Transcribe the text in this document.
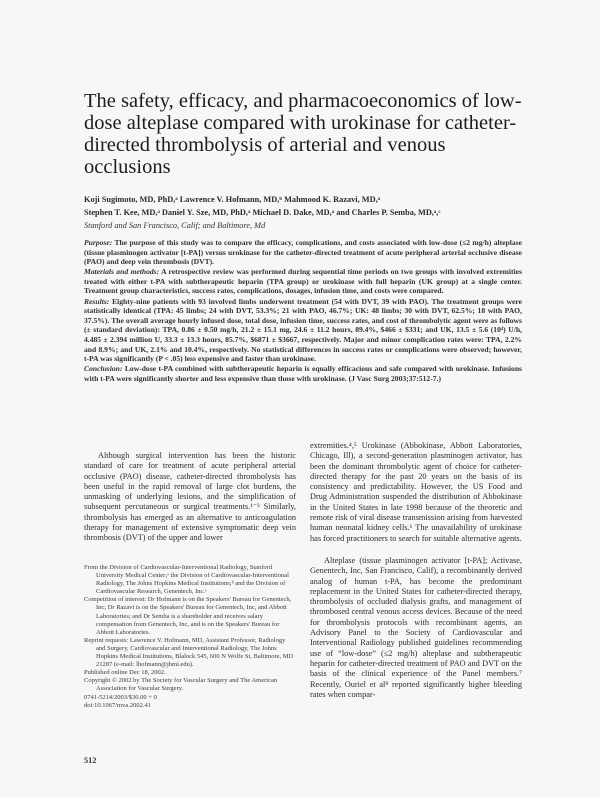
The safety, efficacy, and pharmacoeconomics of low-dose alteplase compared with urokinase for catheter-directed thrombolysis of arterial and venous occlusions
Koji Sugimoto, MD, PhD,ᵃ Lawrence V. Hofmann, MD,ᵇ Mahmood K. Razavi, MD,ᵃ
Stephen T. Kee, MD,ᵃ Daniel Y. Sze, MD, PhD,ᵃ Michael D. Dake, MD,ᵃ and Charles P. Semba, MD,ᵃ,ᶜ
Stanford and San Francisco, Calif; and Baltimore, Md

Purpose: The purpose of this study was to compare the efficacy, complications, and costs associated with low-dose (≤2 mg/h) alteplase (tissue plasminogen activator [t-PA]) versus urokinase for the catheter-directed treatment of acute peripheral arterial occlusive disease (PAO) and deep vein thrombosis (DVT).

Materials and methods: A retrospective review was performed during sequential time periods on two groups with involved extremities treated with either t-PA with subtherapeutic heparin (TPA group) or urokinase with full heparin (UK group) at a single center. Treatment group characteristics, success rates, complications, dosages, infusion time, and costs were compared.

Results: Eighty-nine patients with 93 involved limbs underwent treatment (54 with DVT, 39 with PAO). The treatment groups were statistically identical (TPA: 45 limbs; 24 with DVT, 53.3%; 21 with PAO, 46.7%; UK: 48 limbs; 30 with DVT, 62.5%; 18 with PAO, 37.5%). The overall average hourly infused dose, total dose, infusion time, success rates, and cost of thrombolytic agent were as follows (± standard deviation): TPA, 0.86 ± 0.50 mg/h, 21.2 ± 15.1 mg, 24.6 ± 11.2 hours, 89.4%, $466 ± $331; and UK, 13.5 ± 5.6 (10⁴) U/h, 4.485 ± 2.394 million U, 33.3 ± 13.3 hours, 85.7%, $6871 ± $3667, respectively. Major and minor complication rates were: TPA, 2.2% and 8.9%; and UK, 2.1% and 10.4%, respectively. No statistical differences in success rates or complications were observed; however, t-PA was significantly (P < .05) less expensive and faster than urokinase.

Conclusion: Low-dose t-PA combined with subtherapeutic heparin is equally efficacious and safe compared with urokinase. Infusions with t-PA were significantly shorter and less expensive than those with urokinase. (J Vasc Surg 2003;37:512-7.)

Although surgical intervention has been the historic standard of care for treatment of acute peripheral arterial occlusive (PAO) disease, catheter-directed thrombolysis has been useful in the rapid removal of large clot burdens, the unmasking of underlying lesions, and the simplification of subsequent percutaneous or surgical treatments.¹⁻³ Similarly, thrombolysis has emerged as an alternative to anticoagulation therapy for management of extensive symptomatic deep vein thrombosis (DVT) of the upper and lower

extremities.⁴,⁵ Urokinase (Abbokinase, Abbott Laboratories, Chicago, Ill), a second-generation plasminogen activator, has been the dominant thrombolytic agent of choice for catheter-directed therapy for the past 20 years on the basis of its consistency and predictability. However, the US Food and Drug Administration suspended the distribution of Abbokinase in the United States in late 1998 because of the theoretic and remote risk of viral disease transmission arising from harvested human neonatal kidney cells.⁶ The unavailability of urokinase has forced practitioners to search for suitable alternative agents.

Alteplase (tissue plasminogen activator [t-PA]; Activase, Genentech, Inc, San Francisco, Calif), a recombinantly derived analog of human t-PA, has become the predominant replacement in the United States for catheter-directed therapy, thrombolysis of occluded dialysis grafts, and management of thrombosed central venous access devices. Because of the need for thrombolysis protocols with recombinant agents, an Advisory Panel to the Society of Cardiovascular and Interventional Radiology published guidelines recommending use of “low-dose” (≤2 mg/h) alteplase and subtherapeutic heparin for catheter-directed treatment of PAO and DVT on the basis of the clinical experience of the Panel members.⁷ Recently, Ouriel et al⁸ reported significantly higher bleeding rates when compar-

From the Division of Cardiovascular-Interventional Radiology, Stanford University Medical Center;ᵃ the Division of Cardiovascular-Interventional Radiology, The Johns Hopkins Medical Institutions;ᵇ and the Division of Cardiovascular Research, Genentech, Inc.ᶜ

Competition of interest: Dr Hofmann is on the Speakers' Bureau for Genentech, Inc; Dr Razavi is on the Speakers' Bureau for Genentech, Inc, and Abbott Laboratories; and Dr Semba is a shareholder and receives salary compensation from Genentech, Inc, and is on the Speakers' Bureau for Abbott Laboratories.

Reprint requests: Lawrence V. Hofmann, MD, Assistant Professor, Radiology and Surgery, Cardiovascular and Interventional Radiology, The Johns Hopkins Medical Institutions, Blalock 545, 600 N Wolfe St, Baltimore, MD 21287 (e-mail: lhofmann@jhmi.edu).

Published online Dec 18, 2002.

Copyright © 2002 by The Society for Vascular Surgery and The American Association for Vascular Surgery.

0741-5214/2003/$30.00 + 0

doi:10.1067/mva.2002.41

512
